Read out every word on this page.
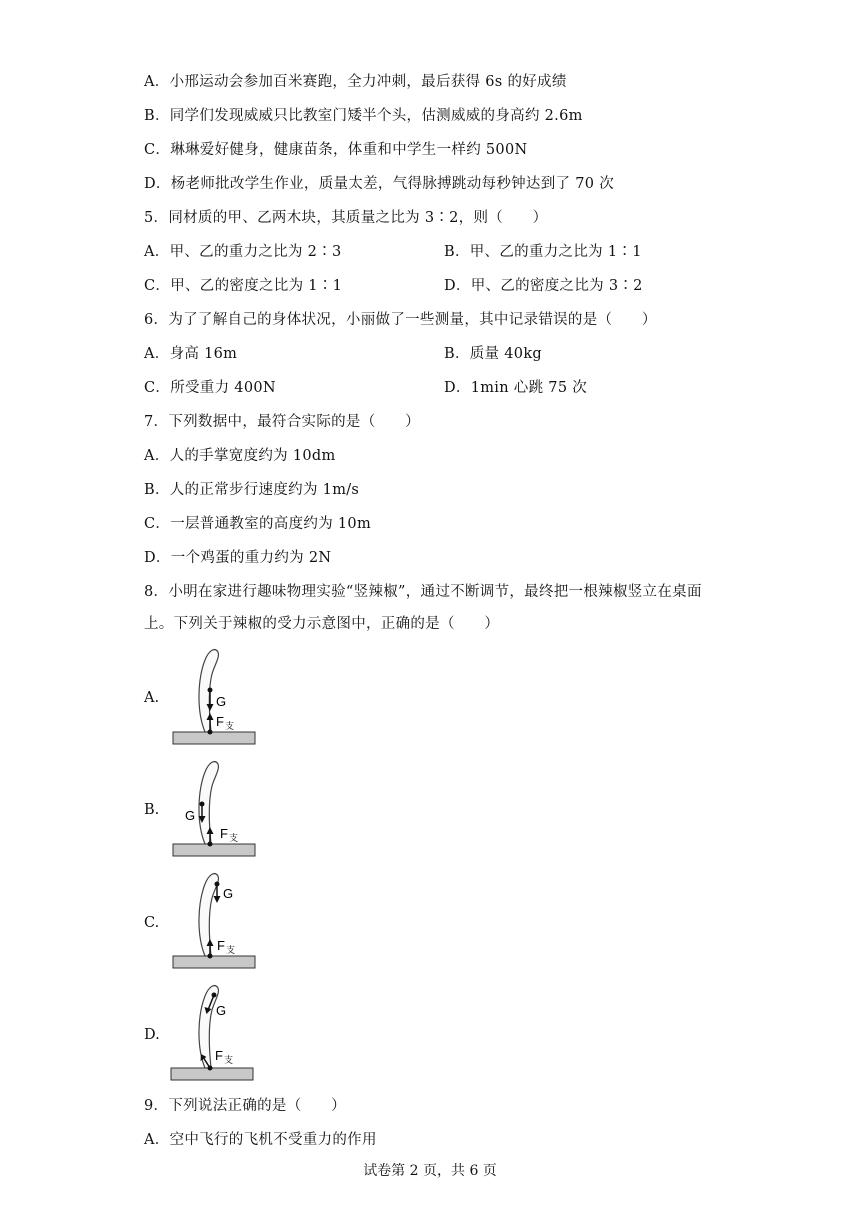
A．小邢运动会参加百米赛跑，全力冲刺，最后获得 6s 的好成绩
B．同学们发现威威只比教室门矮半个头，估测威威的身高约 2.6m
C．琳琳爱好健身，健康苗条，体重和中学生一样约 500N
D．杨老师批改学生作业，质量太差，气得脉搏跳动每秒钟达到了 70 次
5．同材质的甲、乙两木块，其质量之比为 3∶2，则（　　）
A．甲、乙的重力之比为 2∶3	B．甲、乙的重力之比为 1∶1
C．甲、乙的密度之比为 1∶1	D．甲、乙的密度之比为 3∶2
6．为了了解自己的身体状况，小丽做了一些测量，其中记录错误的是（　　）
A．身高 16m	B．质量 40kg
C．所受重力 400N	D．1min 心跳 75 次
7．下列数据中，最符合实际的是（　　）
A．人的手掌宽度约为 10dm
B．人的正常步行速度约为 1m/s
C．一层普通教室的高度约为 10m
D．一个鸡蛋的重力约为 2N
8．小明在家进行趣味物理实验“竖辣椒”，通过不断调节，最终把一根辣椒竖立在桌面
上。下列关于辣椒的受力示意图中，正确的是（　　）
A.	G
F 支
B. G
F 支
C.
G
F 支
D.
G
F 支
9．下列说法正确的是（　　）
A．空中飞行的飞机不受重力的作用
试卷第 2 页，共 6 页
